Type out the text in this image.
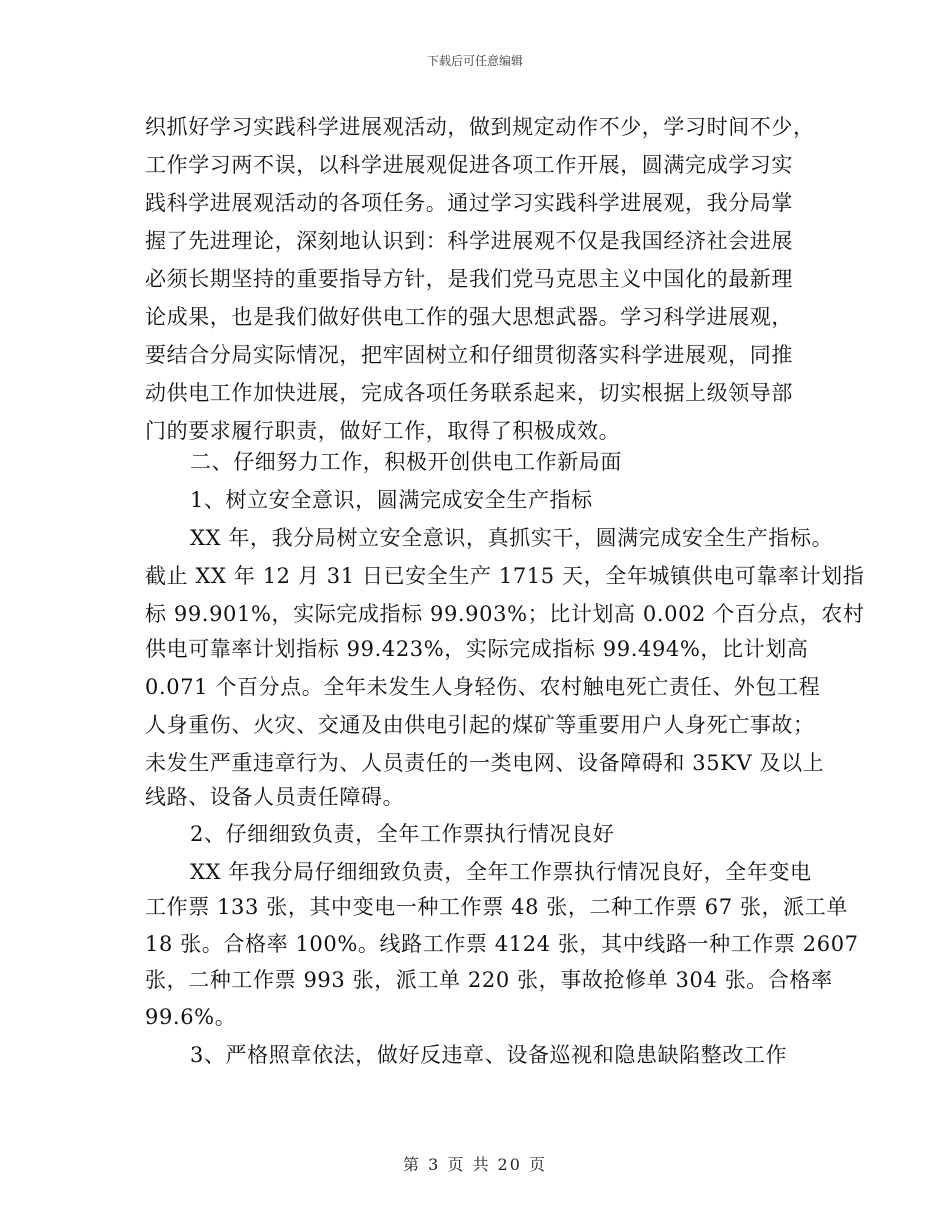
下载后可任意编辑
织抓好学习实践科学进展观活动，做到规定动作不少，学习时间不少，
工作学习两不误，以科学进展观促进各项工作开展，圆满完成学习实
践科学进展观活动的各项任务。通过学习实践科学进展观，我分局掌
握了先进理论，深刻地认识到：科学进展观不仅是我国经济社会进展
必须长期坚持的重要指导方针，是我们党马克思主义中国化的最新理
论成果，也是我们做好供电工作的强大思想武器。学习科学进展观，
要结合分局实际情况，把牢固树立和仔细贯彻落实科学进展观，同推
动供电工作加快进展，完成各项任务联系起来，切实根据上级领导部
门的要求履行职责，做好工作，取得了积极成效。
二、仔细努力工作，积极开创供电工作新局面
1、树立安全意识，圆满完成安全生产指标
XX 年，我分局树立安全意识，真抓实干，圆满完成安全生产指标。
截止 XX 年 12 月 31 日已安全生产 1715 天，全年城镇供电可靠率计划指
标 99.901%，实际完成指标 99.903%；比计划高 0.002 个百分点，农村
供电可靠率计划指标 99.423%，实际完成指标 99.494%，比计划高
0.071 个百分点。全年未发生人身轻伤、农村触电死亡责任、外包工程
人身重伤、火灾、交通及由供电引起的煤矿等重要用户人身死亡事故；
未发生严重违章行为、人员责任的一类电网、设备障碍和 35KV 及以上
线路、设备人员责任障碍。
2、仔细细致负责，全年工作票执行情况良好
XX 年我分局仔细细致负责，全年工作票执行情况良好，全年变电
工作票 133 张，其中变电一种工作票 48 张，二种工作票 67 张，派工单
18 张。合格率 100%。线路工作票 4124 张，其中线路一种工作票 2607
张，二种工作票 993 张，派工单 220 张，事故抢修单 304 张。合格率
99.6%。
3、严格照章依法，做好反违章、设备巡视和隐患缺陷整改工作
第 3 页 共 20 页
